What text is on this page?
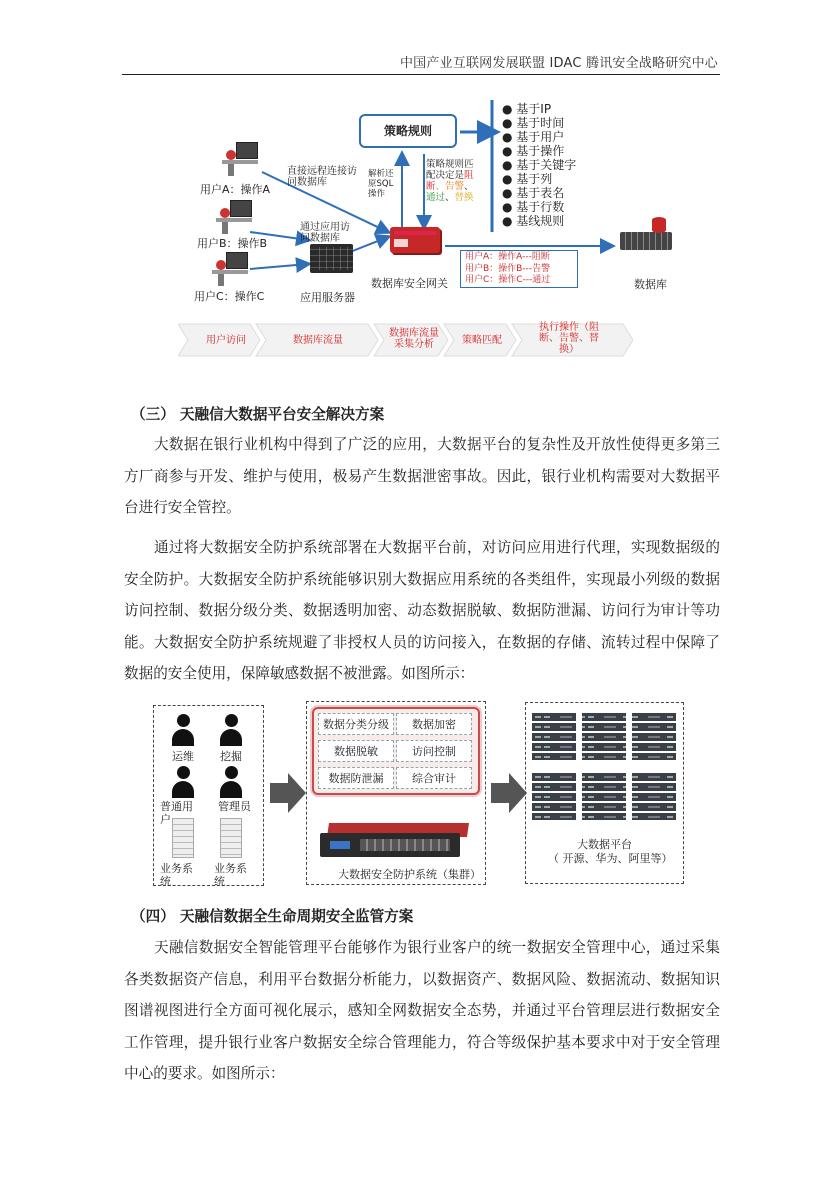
中国产业互联网发展联盟 IDAC 腾讯安全战略研究中心
策略规则
● 基于IP
● 基于时间
● 基于用户
● 基于操作
● 基于关键字
● 基于列
● 基于表名
● 基于行数
● 基线规则
用户A：操作A
用户B：操作B
用户C：操作C
直接远程连接访
问数据库
通过应用访
问数据库
应用服务器
解析还
原SQL
操作
策略规则匹
配决定是阻
断、告警、
通过、替换
数据库安全网关	数据库
用户A：操作A---阻断
用户B：操作B---告警
用户C：操作C---通过
用户访问	数据库流量
数据库流量
采集分析	策略匹配
执行操作（阻
断、告警、替
换）
（三） 天融信大数据平台安全解决方案
大数据在银行业机构中得到了广泛的应用，大数据平台的复杂性及开放性使得更多第三方厂商参与开发、维护与使用，极易产生数据泄密事故。因此，银行业机构需要对大数据平台进行安全管控。
通过将大数据安全防护系统部署在大数据平台前，对访问应用进行代理，实现数据级的安全防护。大数据安全防护系统能够识别大数据应用系统的各类组件，实现最小列级的数据访问控制、数据分级分类、数据透明加密、动态数据脱敏、数据防泄漏、访问行为审计等功能。大数据安全防护系统规避了非授权人员的访问接入，在数据的存储、流转过程中保障了数据的安全使用，保障敏感数据不被泄露。如图所示：
运维 挖掘
普通用户
管理员
业务系统
业务系统
数据分类分级	数据加密
数据脱敏	访问控制
数据防泄漏	综合审计
大数据安全防护系统（集群）
大数据平台
（ 开源、华为、阿里等）
（四） 天融信数据全生命周期安全监管方案
天融信数据安全智能管理平台能够作为银行业客户的统一数据安全管理中心，通过采集各类数据资产信息，利用平台数据分析能力，以数据资产、数据风险、数据流动、数据知识图谱视图进行全方面可视化展示，感知全网数据安全态势，并通过平台管理层进行数据安全工作管理，提升银行业客户数据安全综合管理能力，符合等级保护基本要求中对于安全管理中心的要求。如图所示：
